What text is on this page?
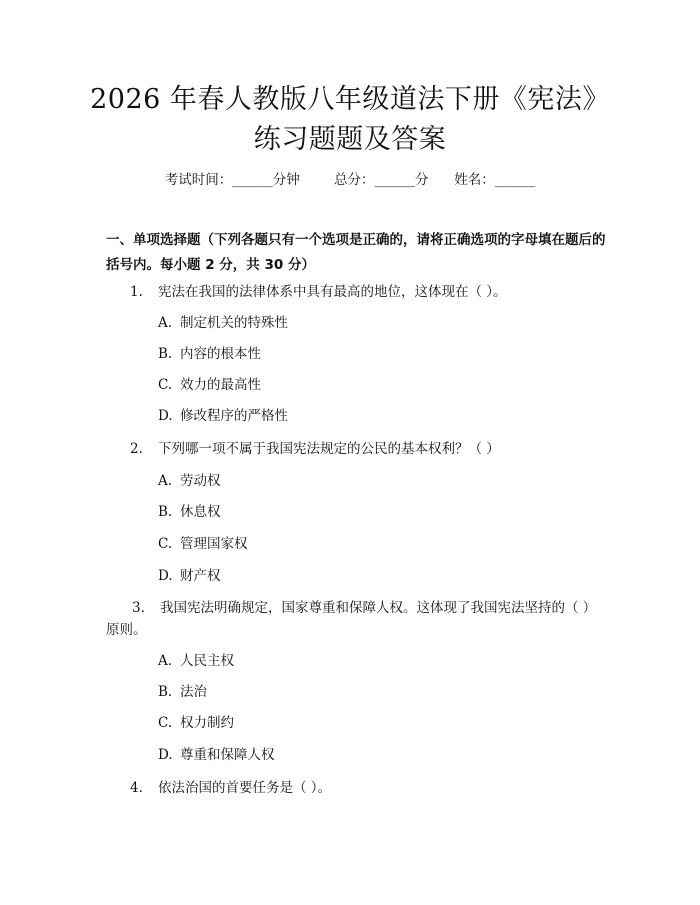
2026 年春人教版八年级道法下册《宪法》练习题题及答案
考试时间：______分钟	总分：______分 姓名：______

一、单项选择题（下列各题只有一个选项是正确的，请将正确选项的字母填在题后的括号内。每小题 2 分，共 30 分）

1. 宪法在我国的法律体系中具有最高的地位，这体现在（ ）。
A. 制定机关的特殊性
B. 内容的根本性
C. 效力的最高性
D. 修改程序的严格性
2. 下列哪一项不属于我国宪法规定的公民的基本权利？（ ）
A. 劳动权
B. 休息权
C. 管理国家权
D. 财产权
3. 我国宪法明确规定，国家尊重和保障人权。这体现了我国宪法坚持的（ ）原则。
A. 人民主权
B. 法治
C. 权力制约
D. 尊重和保障人权
4. 依法治国的首要任务是（ ）。
